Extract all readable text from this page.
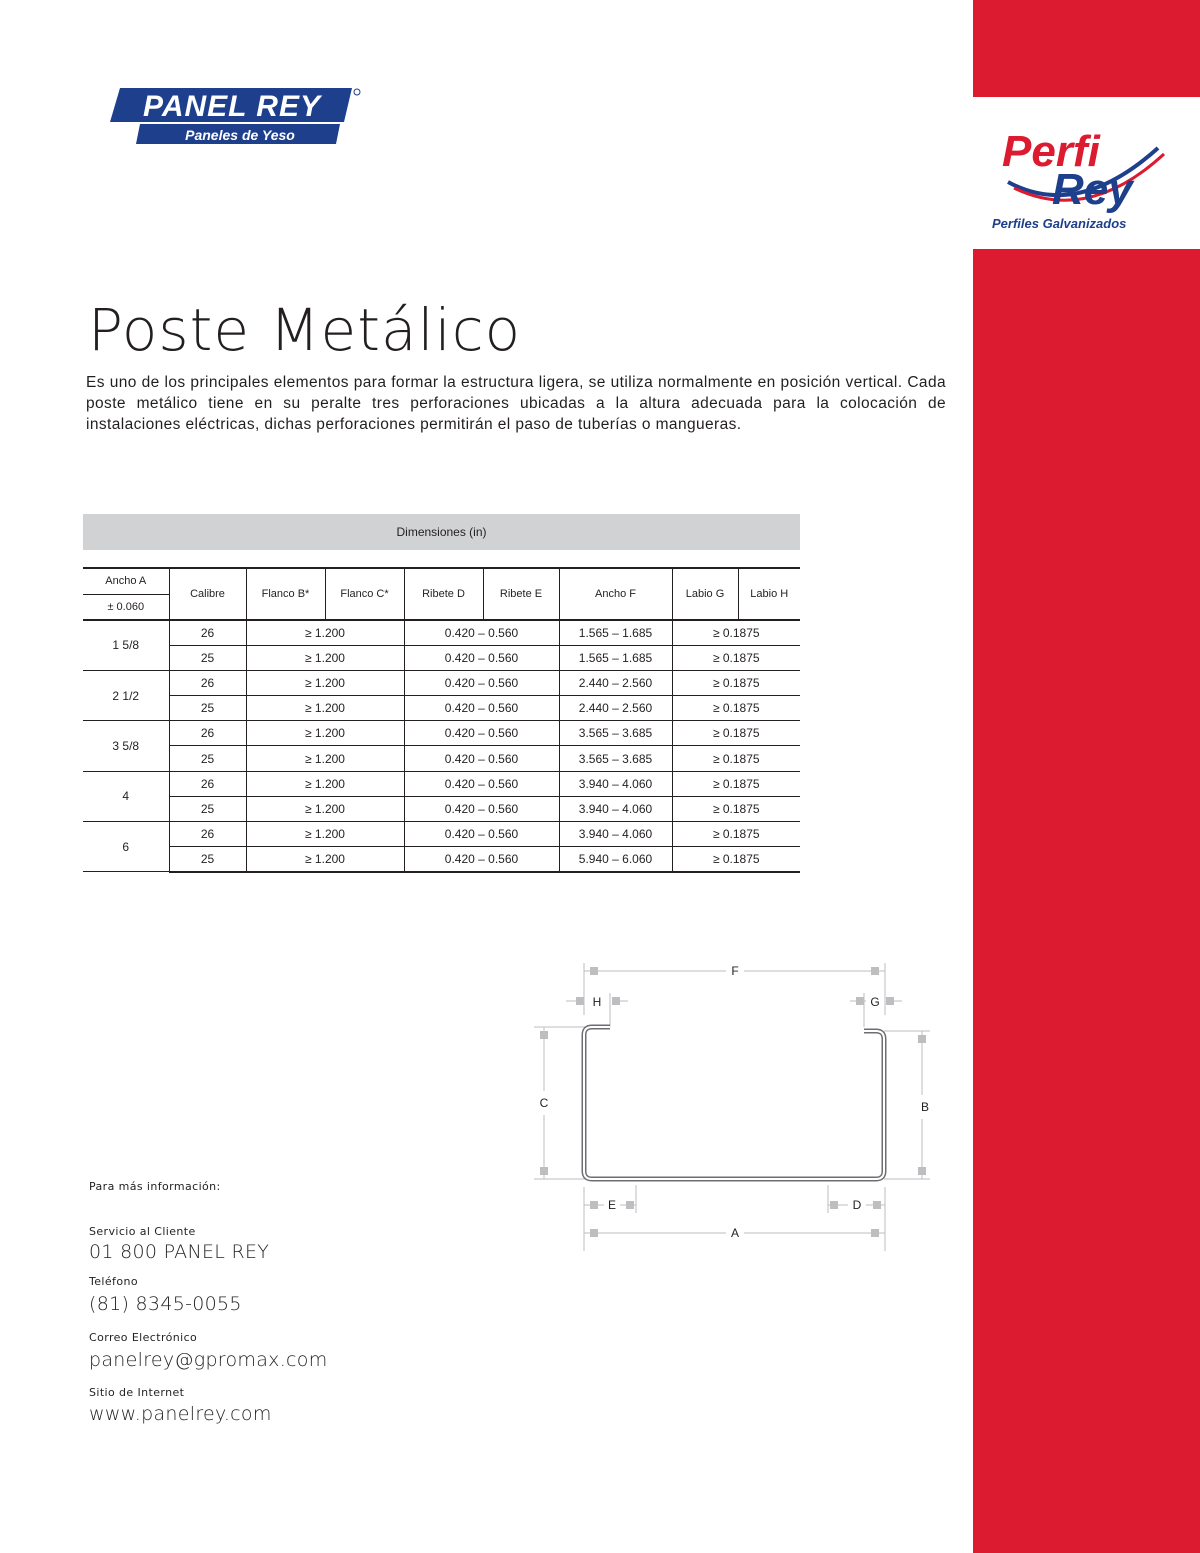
PANEL REY
Paneles de Yeso	Perfi
Rey
Perfiles Galvanizados
Poste Metálico

Es uno de los principales elementos para formar la estructura ligera, se utiliza normalmente en posición vertical. Cada poste metálico tiene en su peralte tres perforaciones ubicadas a la altura adecuada para la colocación de instalaciones eléctricas, dichas perforaciones permitirán el paso de tuberías o mangueras.

Dimensiones (in)
Ancho A
± 0.060	Calibre	Flanco B*	Flanco C*	Ribete D	Ribete E	Ancho F	Labio G	Labio H
1 5/8	26	≥ 1.200		0.420 – 0.560		1.565 – 1.685	≥ 0.1875	
	25	≥ 1.200		0.420 – 0.560		1.565 – 1.685	≥ 0.1875	
2 1/2	26	≥ 1.200		0.420 – 0.560		2.440 – 2.560	≥ 0.1875	
	25	≥ 1.200		0.420 – 0.560		2.440 – 2.560	≥ 0.1875	
3 5/8	26	≥ 1.200		0.420 – 0.560		3.565 – 3.685	≥ 0.1875	
	25	≥ 1.200		0.420 – 0.560		3.565 – 3.685	≥ 0.1875	
4	26	≥ 1.200		0.420 – 0.560		3.940 – 4.060	≥ 0.1875	
	25	≥ 1.200		0.420 – 0.560		3.940 – 4.060	≥ 0.1875	
6	26	≥ 1.200		0.420 – 0.560		3.940 – 4.060	≥ 0.1875	
	25	≥ 1.200		0.420 – 0.560		5.940 – 6.060	≥ 0.1875	
F
H	G
C	B
E	D
A
Para más información:
Servicio al Cliente
01 800 PANEL REY
Teléfono
(81) 8345-0055
Correo Electrónico
panelrey@gpromax.com
Sitio de Internet
www.panelrey.com
